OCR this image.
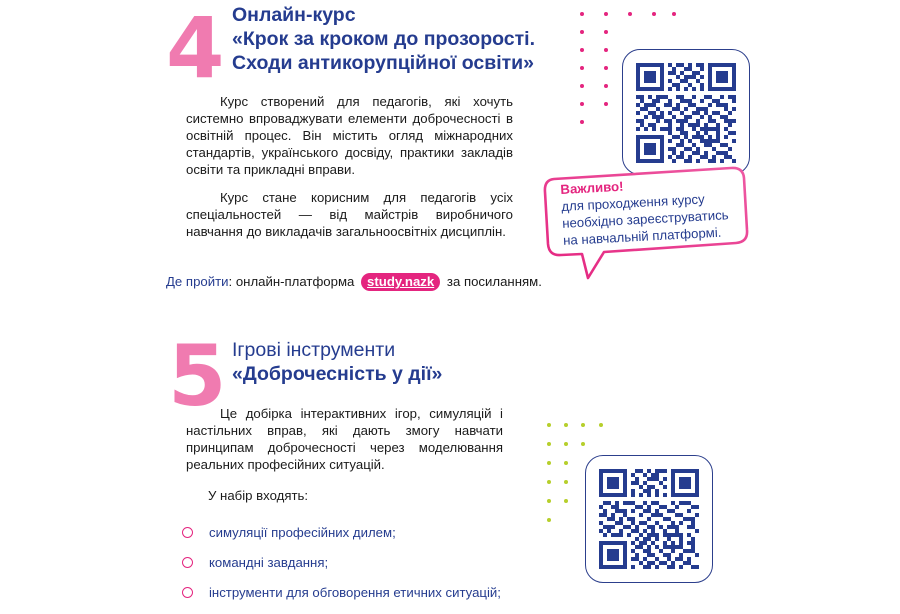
4 Онлайн-курс

«Крок за кроком до прозорості.

Сходи антикорупційної освіти»

Курс створений для педагогів, які хочуть системно впроваджувати елементи доброчесності в освітній процес. Він містить огляд міжнародних стандартів, українського досвіду, практики закладів освіти та прикладні вправи.

Курс стане корисним для педагогів усіх спеціальностей — від майстрів виробничого навчання до викладачів загальноосвітніх дисциплін.

Де пройти: онлайн-платформа study.nazk за посиланням.
Важливо!
для проходження курсу
необхідно зареєструватись
на навчальній платформі.
5 Ігрові інструменти

«Доброчесність у дії»

Це добірка інтерактивних ігор, симуляцій і настільних вправ, які дають змогу навчати принципам доброчесності через моделювання реальних професійних ситуацій.

У набір входять:
симуляції професійних дилем;
командні завдання;
інструменти для обговорення етичних ситуацій;
